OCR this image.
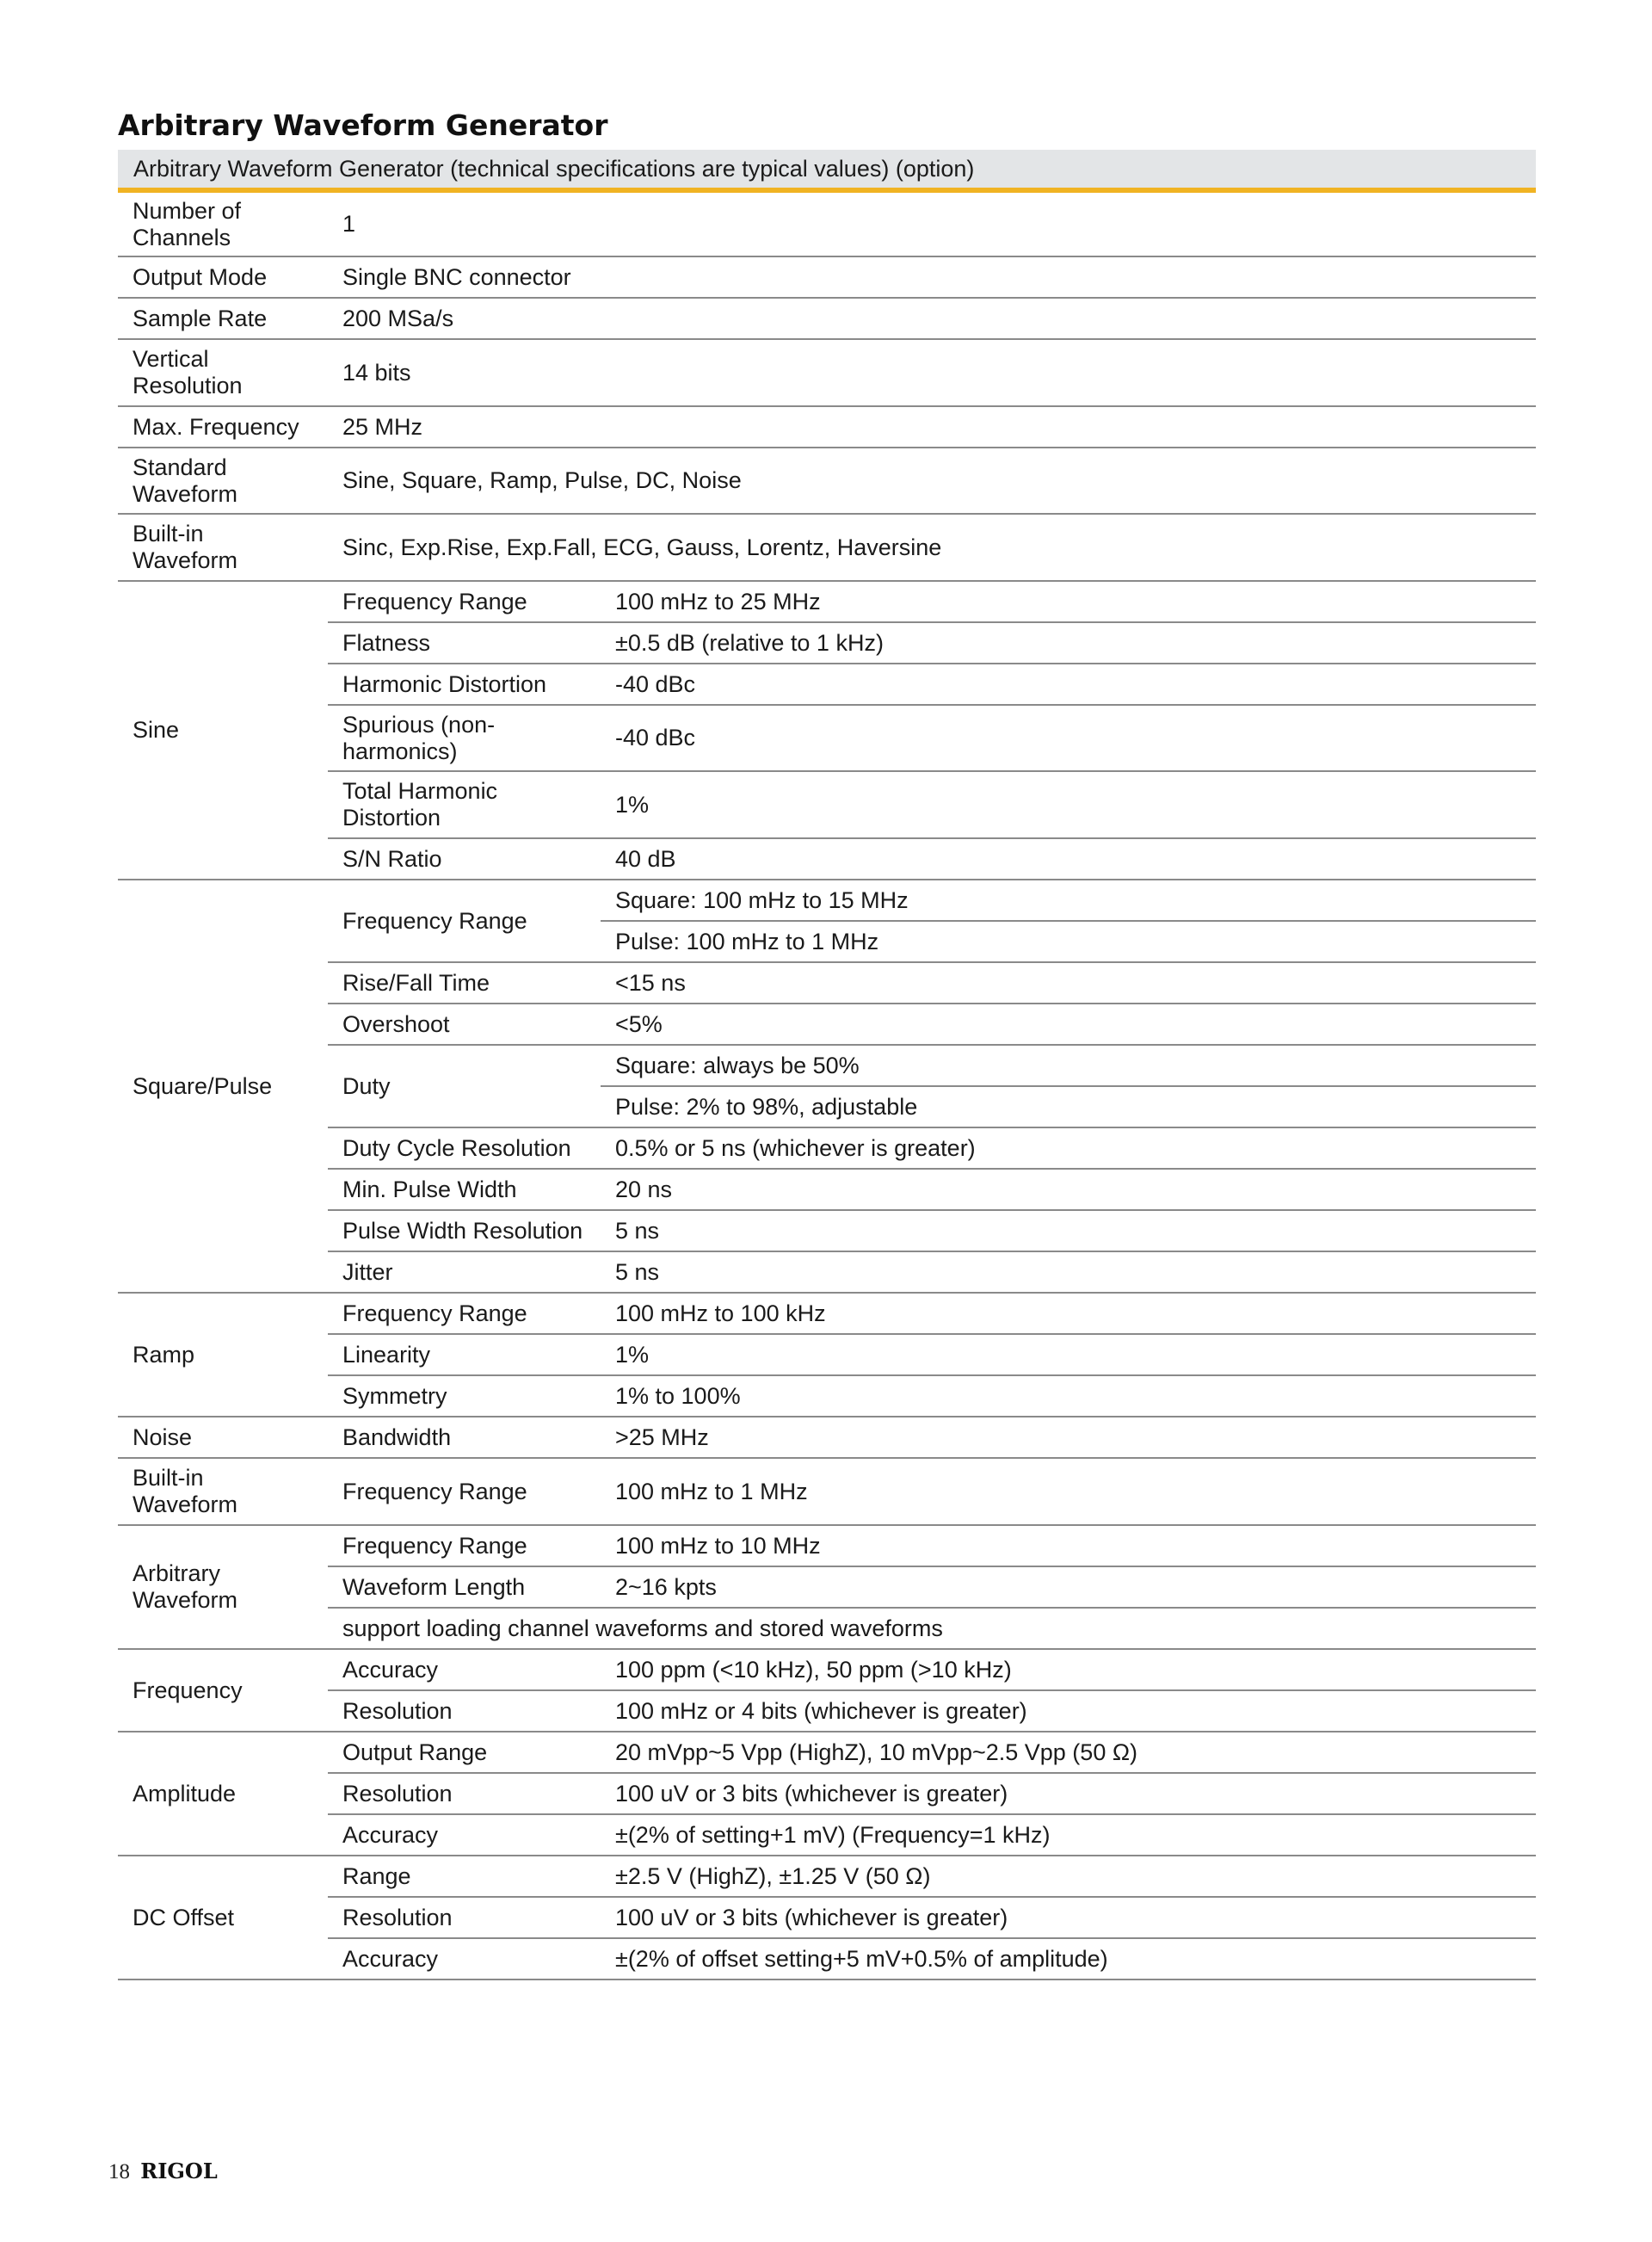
Arbitrary Waveform Generator
Arbitrary Waveform Generator (technical specifications are typical values) (option)		
Number of Channels	1	
Output Mode	Single BNC connector	
Sample Rate	200 MSa/s	
Vertical Resolution	14 bits	
Max. Frequency	25 MHz	
Standard Waveform	Sine, Square, Ramp, Pulse, DC, Noise	
Built-in Waveform	Sinc, Exp.Rise, Exp.Fall, ECG, Gauss, Lorentz, Haversine	
Sine	Frequency Range	100 mHz to 25 MHz
	Flatness	±0.5 dB (relative to 1 kHz)
	Harmonic Distortion	-40 dBc
	Spurious (non-harmonics)	-40 dBc
	Total Harmonic Distortion	1%
	S/N Ratio	40 dB
Square/Pulse	Frequency Range	Square: 100 mHz to 15 MHz
		Pulse: 100 mHz to 1 MHz
	Rise/Fall Time	<15 ns
	Overshoot	<5%
	Duty	Square: always be 50%
		Pulse: 2% to 98%, adjustable
	Duty Cycle Resolution	0.5% or 5 ns (whichever is greater)
	Min. Pulse Width	20 ns
	Pulse Width Resolution	5 ns
	Jitter	5 ns
Ramp	Frequency Range	100 mHz to 100 kHz
	Linearity	1%
	Symmetry	1% to 100%
Noise	Bandwidth	>25 MHz
Built-in Waveform	Frequency Range	100 mHz to 1 MHz
Arbitrary Waveform	Frequency Range	100 mHz to 10 MHz
	Waveform Length	2~16 kpts
	support loading channel waveforms and stored waveforms	
Frequency	Accuracy	100 ppm (<10 kHz), 50 ppm (>10 kHz)
	Resolution	100 mHz or 4 bits (whichever is greater)
Amplitude	Output Range	20 mVpp~5 Vpp (HighZ), 10 mVpp~2.5 Vpp (50 Ω)
	Resolution	100 uV or 3 bits (whichever is greater)
	Accuracy	±(2% of setting+1 mV) (Frequency=1 kHz)
DC Offset	Range	±2.5 V (HighZ), ±1.25 V (50 Ω)
	Resolution	100 uV or 3 bits (whichever is greater)
	Accuracy	±(2% of offset setting+5 mV+0.5% of amplitude)
18 RIGOL
